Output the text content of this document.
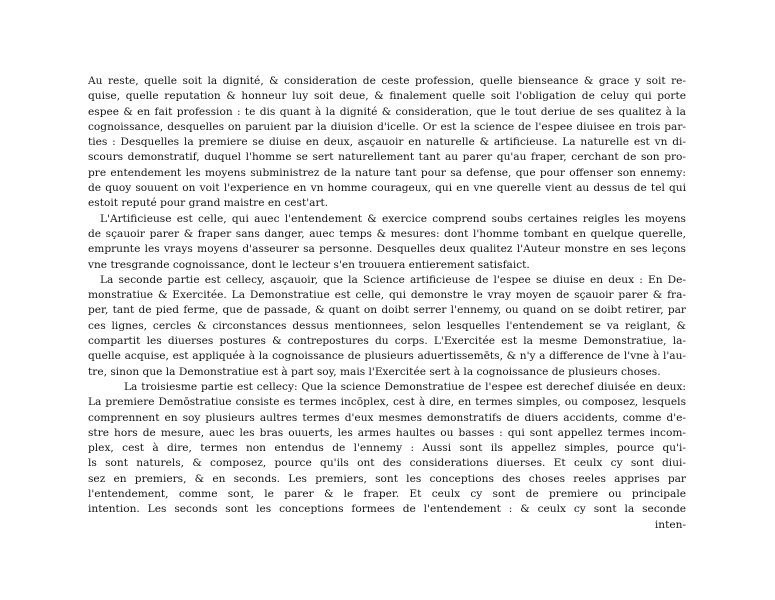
Au reste, quelle soit la dignité, & consideration de ceste profession, quelle bienseance & grace y soit re-
quise, quelle reputation & honneur luy soit deue, & finalement quelle soit l'obligation de celuy qui porte
espee & en fait profession : te dis quant à la dignité & consideration, que le tout deriue de ses qualitez à la
cognoissance, desquelles on paruient par la diuision d'icelle. Or est la science de l'espee diuisee en trois par-
ties : Desquelles la premiere se diuise en deux, asçauoir en naturelle & artificieuse. La naturelle est vn di-
scours demonstratif, duquel l'homme se sert naturellement tant au parer qu'au fraper, cerchant de son pro-
pre entendement les moyens subministrez de la nature tant pour sa defense, que pour offenser son ennemy:
de quoy souuent on voit l'experience en vn homme courageux, qui en vne querelle vient au dessus de tel qui
estoit reputé pour grand maistre en cest'art.
L'Artificieuse est celle, qui auec l'entendement & exercice comprend soubs certaines reigles les moyens
de sçauoir parer & fraper sans danger, auec temps & mesures: dont l'homme tombant en quelque querelle,
emprunte les vrays moyens d'asseurer sa personne. Desquelles deux qualitez l'Auteur monstre en ses leçons
vne tresgrande cognoissance, dont le lecteur s'en trouuera entierement satisfaict.
La seconde partie est cellecy, asçauoir, que la Science artificieuse de l'espee se diuise en deux : En De-
monstratiue & Exercitée. La Demonstratiue est celle, qui demonstre le vray moyen de sçauoir parer & fra-
per, tant de pied ferme, que de passade, & quant on doibt serrer l'ennemy, ou quand on se doibt retirer, par
ces lignes, cercles & circonstances dessus mentionnees, selon lesquelles l'entendement se va reiglant, &
compartit les diuerses postures & contrepostures du corps. L'Exercitée est la mesme Demonstratiue, la-
quelle acquise, est appliquée à la cognoissance de plusieurs aduertissemēts, & n'y a difference de l'vne à l'au-
tre, sinon que la Demonstratiue est à part soy, mais l'Exercitée sert à la cognoissance de plusieurs choses.
La troisiesme partie est cellecy: Que la science Demonstratiue de l'espee est derechef diuisée en deux:
La premiere Demōstratiue consiste es termes incōplex, cest à dire, en termes simples, ou composez, lesquels
comprennent en soy plusieurs aultres termes d'eux mesmes demonstratifs de diuers accidents, comme d'e-
stre hors de mesure, auec les bras ouuerts, les armes haultes ou basses : qui sont appellez termes incom-
plex, cest à dire, termes non entendus de l'ennemy : Aussi sont ils appellez simples, pource qu'i-
ls sont naturels, & composez, pource qu'ils ont des considerations diuerses. Et ceulx cy sont diui-
sez en premiers, & en seconds. Les premiers, sont les conceptions des choses reeles apprises par
l'entendement, comme sont, le parer & le fraper. Et ceulx cy sont de premiere ou principale
intention. Les seconds sont les conceptions formees de l'entendement : & ceulx cy sont la seconde
inten-
